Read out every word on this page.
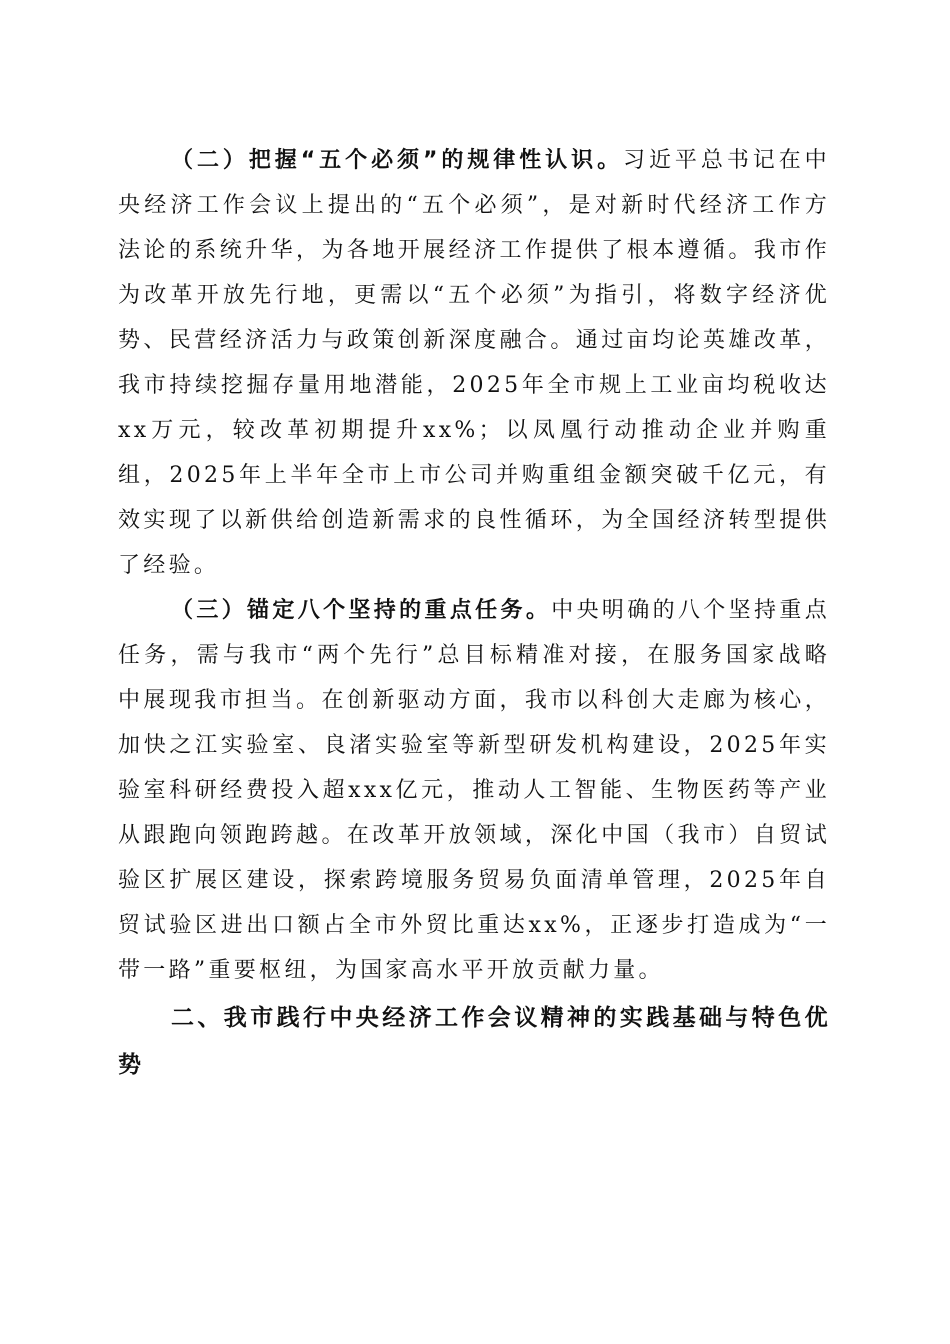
（二）把握“五个必须”的规律性认识。习近平总书记在中央经济工作会议上提出的“五个必须”，是对新时代经济工作方法论的系统升华，为各地开展经济工作提供了根本遵循。我市作为改革开放先行地，更需以“五个必须”为指引，将数字经济优势、民营经济活力与政策创新深度融合。通过亩均论英雄改革，我市持续挖掘存量用地潜能，2025年全市规上工业亩均税收达xx万元，较改革初期提升xx%；以凤凰行动推动企业并购重组，2025年上半年全市上市公司并购重组金额突破千亿元，有效实现了以新供给创造新需求的良性循环，为全国经济转型提供了经验。

（三）锚定八个坚持的重点任务。中央明确的八个坚持重点任务，需与我市“两个先行”总目标精准对接，在服务国家战略中展现我市担当。在创新驱动方面，我市以科创大走廊为核心，加快之江实验室、良渚实验室等新型研发机构建设，2025年实验室科研经费投入超xxx亿元，推动人工智能、生物医药等产业从跟跑向领跑跨越。在改革开放领域，深化中国（我市）自贸试验区扩展区建设，探索跨境服务贸易负面清单管理，2025年自贸试验区进出口额占全市外贸比重达xx%，正逐步打造成为“一带一路”重要枢纽，为国家高水平开放贡献力量。

二、我市践行中央经济工作会议精神的实践基础与特色优势
